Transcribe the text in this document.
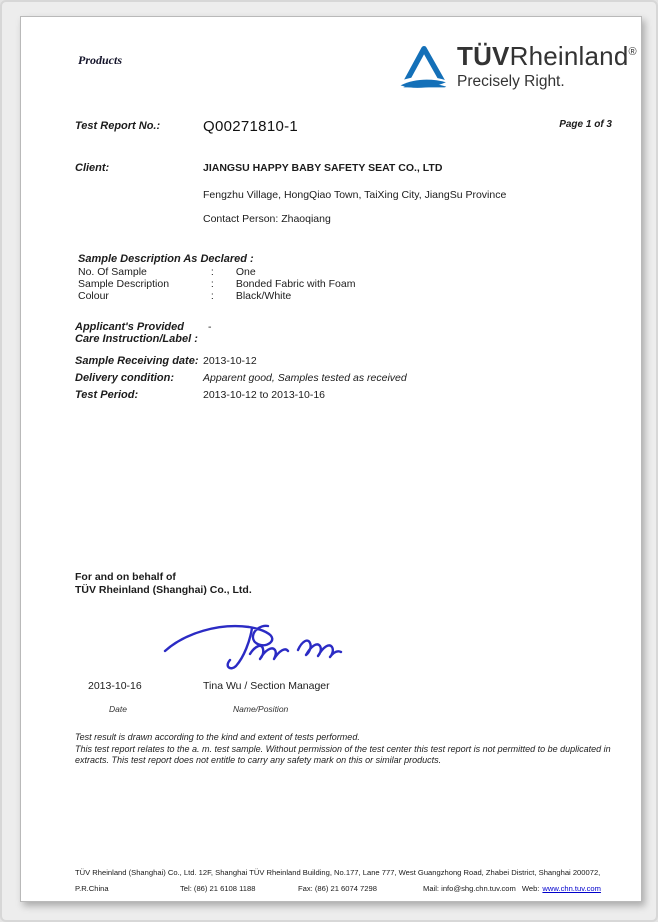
Products	TÜVRheinland®
Precisely Right.
Test Report No.:	Q00271810-1	Page 1 of 3
Client:	JIANGSU HAPPY BABY SAFETY SEAT CO., LTD
Fengzhu Village, HongQiao Town, TaiXing City, JiangSu Province
Contact Person: Zhaoqiang
Sample Description As Declared :
No. Of Sample	: One
Sample Description	: Bonded Fabric with Foam
Colour	: Black/White
Applicant's Provided -
Care Instruction/Label :
Sample Receiving date: 2013-10-12
Delivery condition:	Apparent good, Samples tested as received
Test Period:	2013-10-12 to 2013-10-16
For and on behalf of
TÜV Rheinland (Shanghai) Co., Ltd.
2013-10-16	Tina Wu / Section Manager
Date	Name/Position
Test result is drawn according to the kind and extent of tests performed.
This test report relates to the a. m. test sample. Without permission of the test center this test report is not permitted to be duplicated in extracts. This test report does not entitle to carry any safety mark on this or similar products.
TÜV Rheinland (Shanghai) Co., Ltd. 12F, Shanghai TÜV Rheinland Building, No.177, Lane 777, West Guangzhong Road, Zhabei District, Shanghai 200072,
P.R.China	Tel: (86) 21 6108 1188	Fax: (86) 21 6074 7298	Mail: info@shg.chn.tuv.com Web: www.chn.tuv.com
